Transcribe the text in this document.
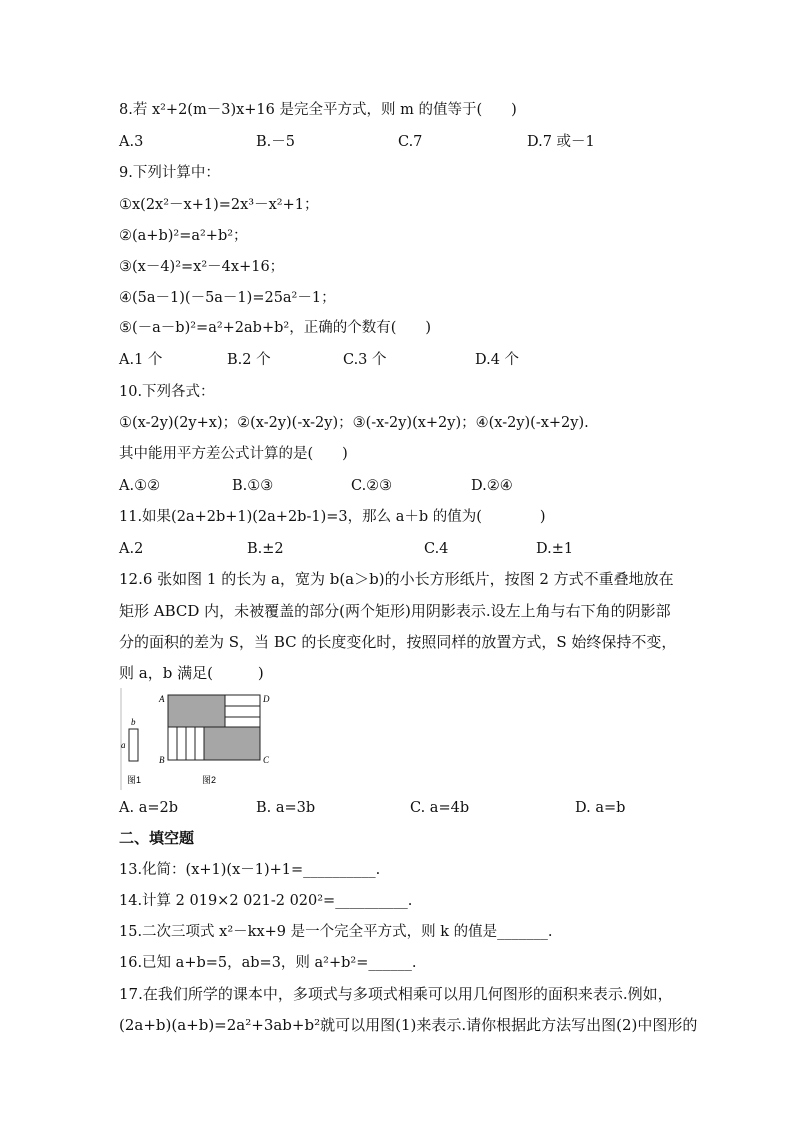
8.若 x²+2(m－3)x+16 是完全平方式，则 m 的值等于(　　)
A.3	B.－5	C.7	D.7 或－1
9.下列计算中：
①x(2x²－x+1)=2x³－x²+1；
②(a+b)²=a²+b²；
③(x－4)²=x²－4x+16；
④(5a－1)(－5a－1)=25a²－1；
⑤(－a－b)²=a²+2ab+b²，正确的个数有(　　)
A.1 个	B.2 个	C.3 个	D.4 个
10.下列各式：
①(x-2y)(2y+x)；②(x-2y)(-x-2y)；③(-x-2y)(x+2y)；④(x-2y)(-x+2y).
其中能用平方差公式计算的是(　　)
A.①②	B.①③	C.②③	D.②④
11.如果(2a+2b+1)(2a+2b-1)=3，那么 a＋b 的值为(　　　　)
A.2	B.±2	C.4	D.±1
12.6 张如图 1 的长为 a，宽为 b(a＞b)的小长方形纸片，按图 2 方式不重叠地放在
矩形 ABCD 内，未被覆盖的部分(两个矩形)用阴影表示.设左上角与右下角的阴影部
分的面积的差为 S，当 BC 的长度变化时，按照同样的放置方式，S 始终保持不变，
则 a，b 满足(　　　)
b
a
图1
A	D
B	C
图2
A. a=2b	B. a=3b	C. a=4b	D. a=b
二、填空题
13.化简：(x+1)(x－1)+1=__________.
14.计算 2 019×2 021-2 020²=__________.
15.二次三项式 x²－kx+9 是一个完全平方式，则 k 的值是_______.
16.已知 a+b=5，ab=3，则 a²+b²=______.
17.在我们所学的课本中，多项式与多项式相乘可以用几何图形的面积来表示.例如，
(2a+b)(a+b)=2a²+3ab+b²就可以用图(1)来表示.请你根据此方法写出图(2)中图形的
